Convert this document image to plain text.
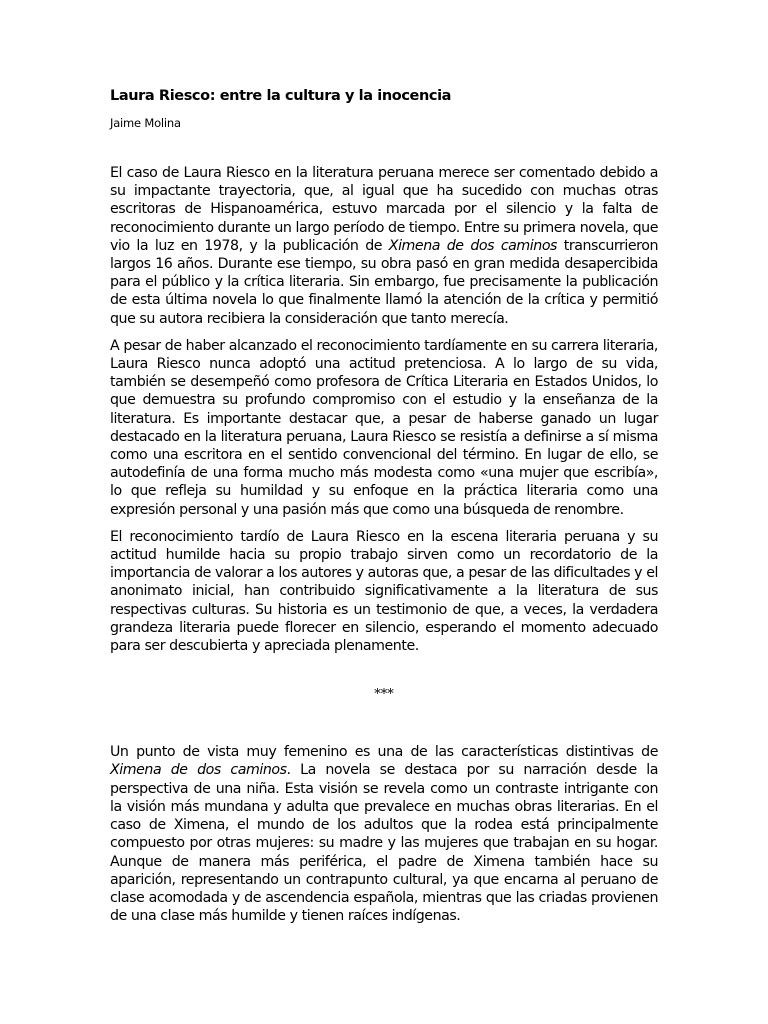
Laura Riesco: entre la cultura y la inocencia

Jaime Molina

El caso de Laura Riesco en la literatura peruana merece ser comentado debido a su impactante trayectoria, que, al igual que ha sucedido con muchas otras escritoras de Hispanoamérica, estuvo marcada por el silencio y la falta de reconocimiento durante un largo período de tiempo. Entre su primera novela, que vio la luz en 1978, y la publicación de Ximena de dos caminos transcurrieron largos 16 años. Durante ese tiempo, su obra pasó en gran medida desapercibida para el público y la crítica literaria. Sin embargo, fue precisamente la publicación de esta última novela lo que finalmente llamó la atención de la crítica y permitió que su autora recibiera la consideración que tanto merecía.

A pesar de haber alcanzado el reconocimiento tardíamente en su carrera literaria, Laura Riesco nunca adoptó una actitud pretenciosa. A lo largo de su vida, también se desempeñó como profesora de Crítica Literaria en Estados Unidos, lo que demuestra su profundo compromiso con el estudio y la enseñanza de la literatura. Es importante destacar que, a pesar de haberse ganado un lugar destacado en la literatura peruana, Laura Riesco se resistía a definirse a sí misma como una escritora en el sentido convencional del término. En lugar de ello, se autodefinía de una forma mucho más modesta como «una mujer que escribía», lo que refleja su humildad y su enfoque en la práctica literaria como una expresión personal y una pasión más que como una búsqueda de renombre.

El reconocimiento tardío de Laura Riesco en la escena literaria peruana y su actitud humilde hacia su propio trabajo sirven como un recordatorio de la importancia de valorar a los autores y autoras que, a pesar de las dificultades y el anonimato inicial, han contribuido significativamente a la literatura de sus respectivas culturas. Su historia es un testimonio de que, a veces, la verdadera grandeza literaria puede florecer en silencio, esperando el momento adecuado para ser descubierta y apreciada plenamente.

***

Un punto de vista muy femenino es una de las características distintivas de Ximena de dos caminos. La novela se destaca por su narración desde la perspectiva de una niña. Esta visión se revela como un contraste intrigante con la visión más mundana y adulta que prevalece en muchas obras literarias. En el caso de Ximena, el mundo de los adultos que la rodea está principalmente compuesto por otras mujeres: su madre y las mujeres que trabajan en su hogar. Aunque de manera más periférica, el padre de Ximena también hace su aparición, representando un contrapunto cultural, ya que encarna al peruano de clase acomodada y de ascendencia española, mientras que las criadas provienen de una clase más humilde y tienen raíces indígenas.
